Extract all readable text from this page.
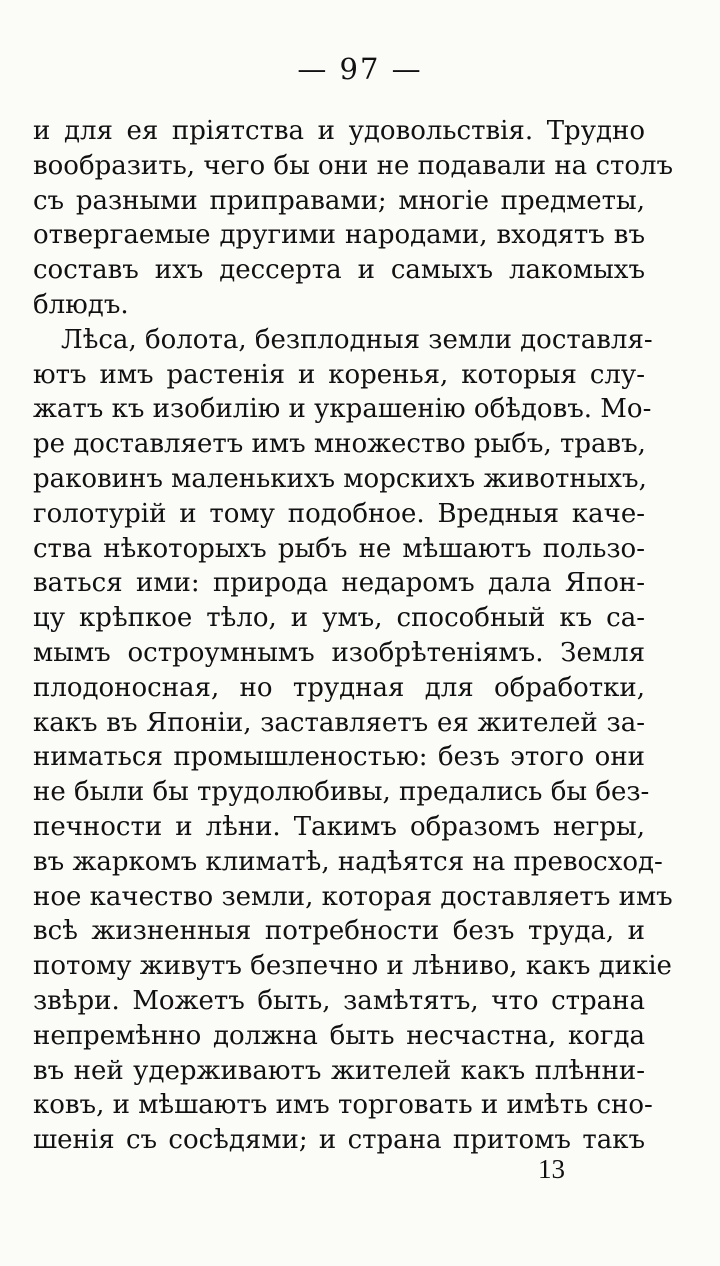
— 97 —
и для ея пріятства и удовольствія. Трудно
вообразить, чего бы они не подавали на столъ
съ разными приправами; многіе предметы,
отвергаемые другими народами, входятъ въ
составъ ихъ дессерта и самыхъ лакомыхъ
блюдъ.
Лѣса, болота, безплодныя земли доставля-
ютъ имъ растенія и коренья, которыя слу-
жатъ къ изобилію и украшенію обѣдовъ. Мо-
ре доставляетъ имъ множество рыбъ, травъ,
раковинъ маленькихъ морскихъ животныхъ,
голотурій и тому подобное. Вредныя каче-
ства нѣкоторыхъ рыбъ не мѣшаютъ пользо-
ваться ими: природа недаромъ дала Япон-
цу крѣпкое тѣло, и умъ, способный къ са-
мымъ остроумнымъ изобрѣтеніямъ. Земля
плодоносная, но трудная для обработки,
какъ въ Японіи, заставляетъ ея жителей за-
ниматься промышленостью: безъ этого они
не были бы трудолюбивы, предались бы без-
печности и лѣни. Такимъ образомъ негры,
въ жаркомъ климатѣ, надѣятся на превосход-
ное качество земли, которая доставляетъ имъ
всѣ жизненныя потребности безъ труда, и
потому живутъ безпечно и лѣниво, какъ дикіе
звѣри. Можетъ быть, замѣтятъ, что страна
непремѣнно должна быть несчастна, когда
въ ней удерживаютъ жителей какъ плѣнни-
ковъ, и мѣшаютъ имъ торговать и имѣть сно-
шенія съ сосѣдями; и страна притомъ такъ
13
